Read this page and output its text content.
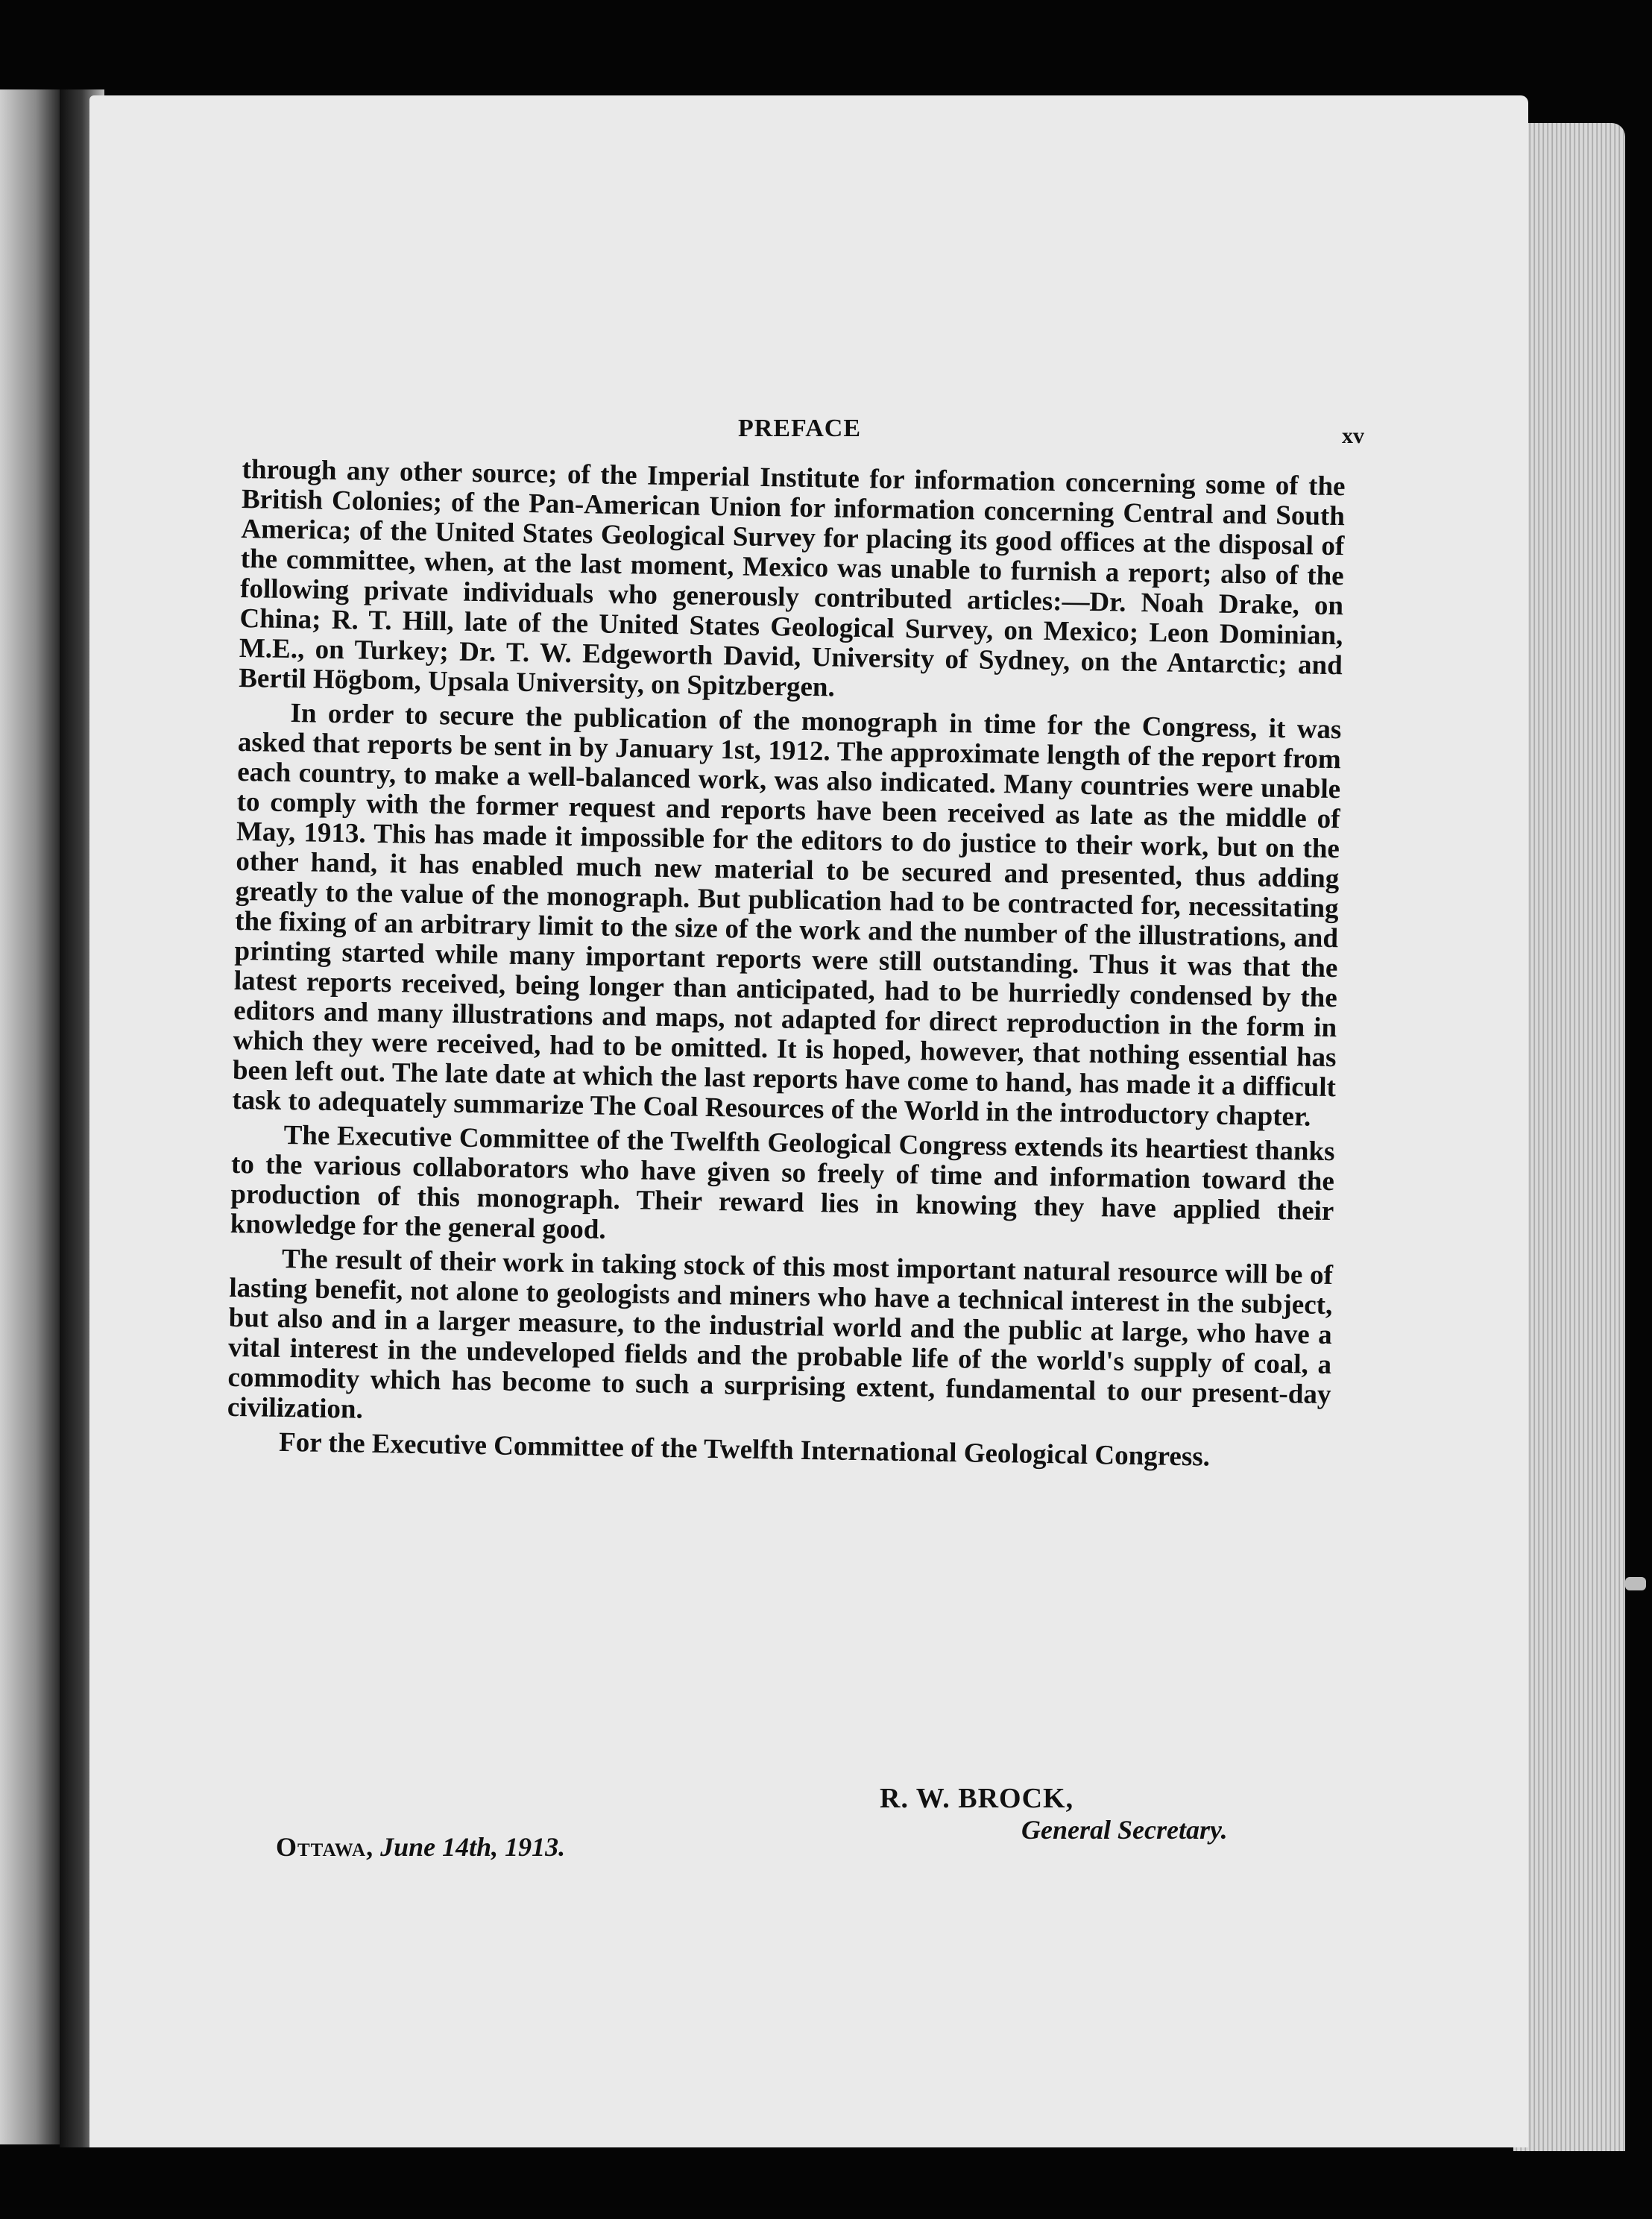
PREFACE	xv

through any other source; of the Imperial Institute for information concerning some of the British Colonies; of the Pan-American Union for information concerning Central and South America; of the United States Geological Survey for placing its good offices at the disposal of the committee, when, at the last moment, Mexico was unable to furnish a report; also of the following private individuals who generously contributed articles:—Dr. Noah Drake, on China; R. T. Hill, late of the United States Geological Survey, on Mexico; Leon Dominian, M.E., on Turkey; Dr. T. W. Edgeworth David, University of Sydney, on the Antarctic; and Bertil Högbom, Upsala University, on Spitzbergen.

In order to secure the publication of the monograph in time for the Congress, it was asked that reports be sent in by January 1st, 1912. The approximate length of the report from each country, to make a well-balanced work, was also indicated. Many countries were unable to comply with the former request and reports have been received as late as the middle of May, 1913. This has made it impossible for the editors to do justice to their work, but on the other hand, it has enabled much new material to be secured and presented, thus adding greatly to the value of the monograph. But publication had to be contracted for, necessitating the fixing of an arbitrary limit to the size of the work and the number of the illustrations, and printing started while many important reports were still outstanding. Thus it was that the latest reports received, being longer than anticipated, had to be hurriedly condensed by the editors and many illustrations and maps, not adapted for direct reproduction in the form in which they were received, had to be omitted. It is hoped, however, that nothing essential has been left out. The late date at which the last reports have come to hand, has made it a difficult task to adequately summarize The Coal Resources of the World in the introductory chapter.

The Executive Committee of the Twelfth Geological Congress extends its heartiest thanks to the various collaborators who have given so freely of time and information toward the production of this monograph. Their reward lies in knowing they have applied their knowledge for the general good.

The result of their work in taking stock of this most important natural resource will be of lasting benefit, not alone to geologists and miners who have a technical interest in the subject, but also and in a larger measure, to the industrial world and the public at large, who have a vital interest in the undeveloped fields and the probable life of the world's supply of coal, a commodity which has become to such a surprising extent, fundamental to our present-day civilization.

For the Executive Committee of the Twelfth International Geological Congress.

R. W. BROCK,
General Secretary.
Ottawa, June 14th, 1913.
